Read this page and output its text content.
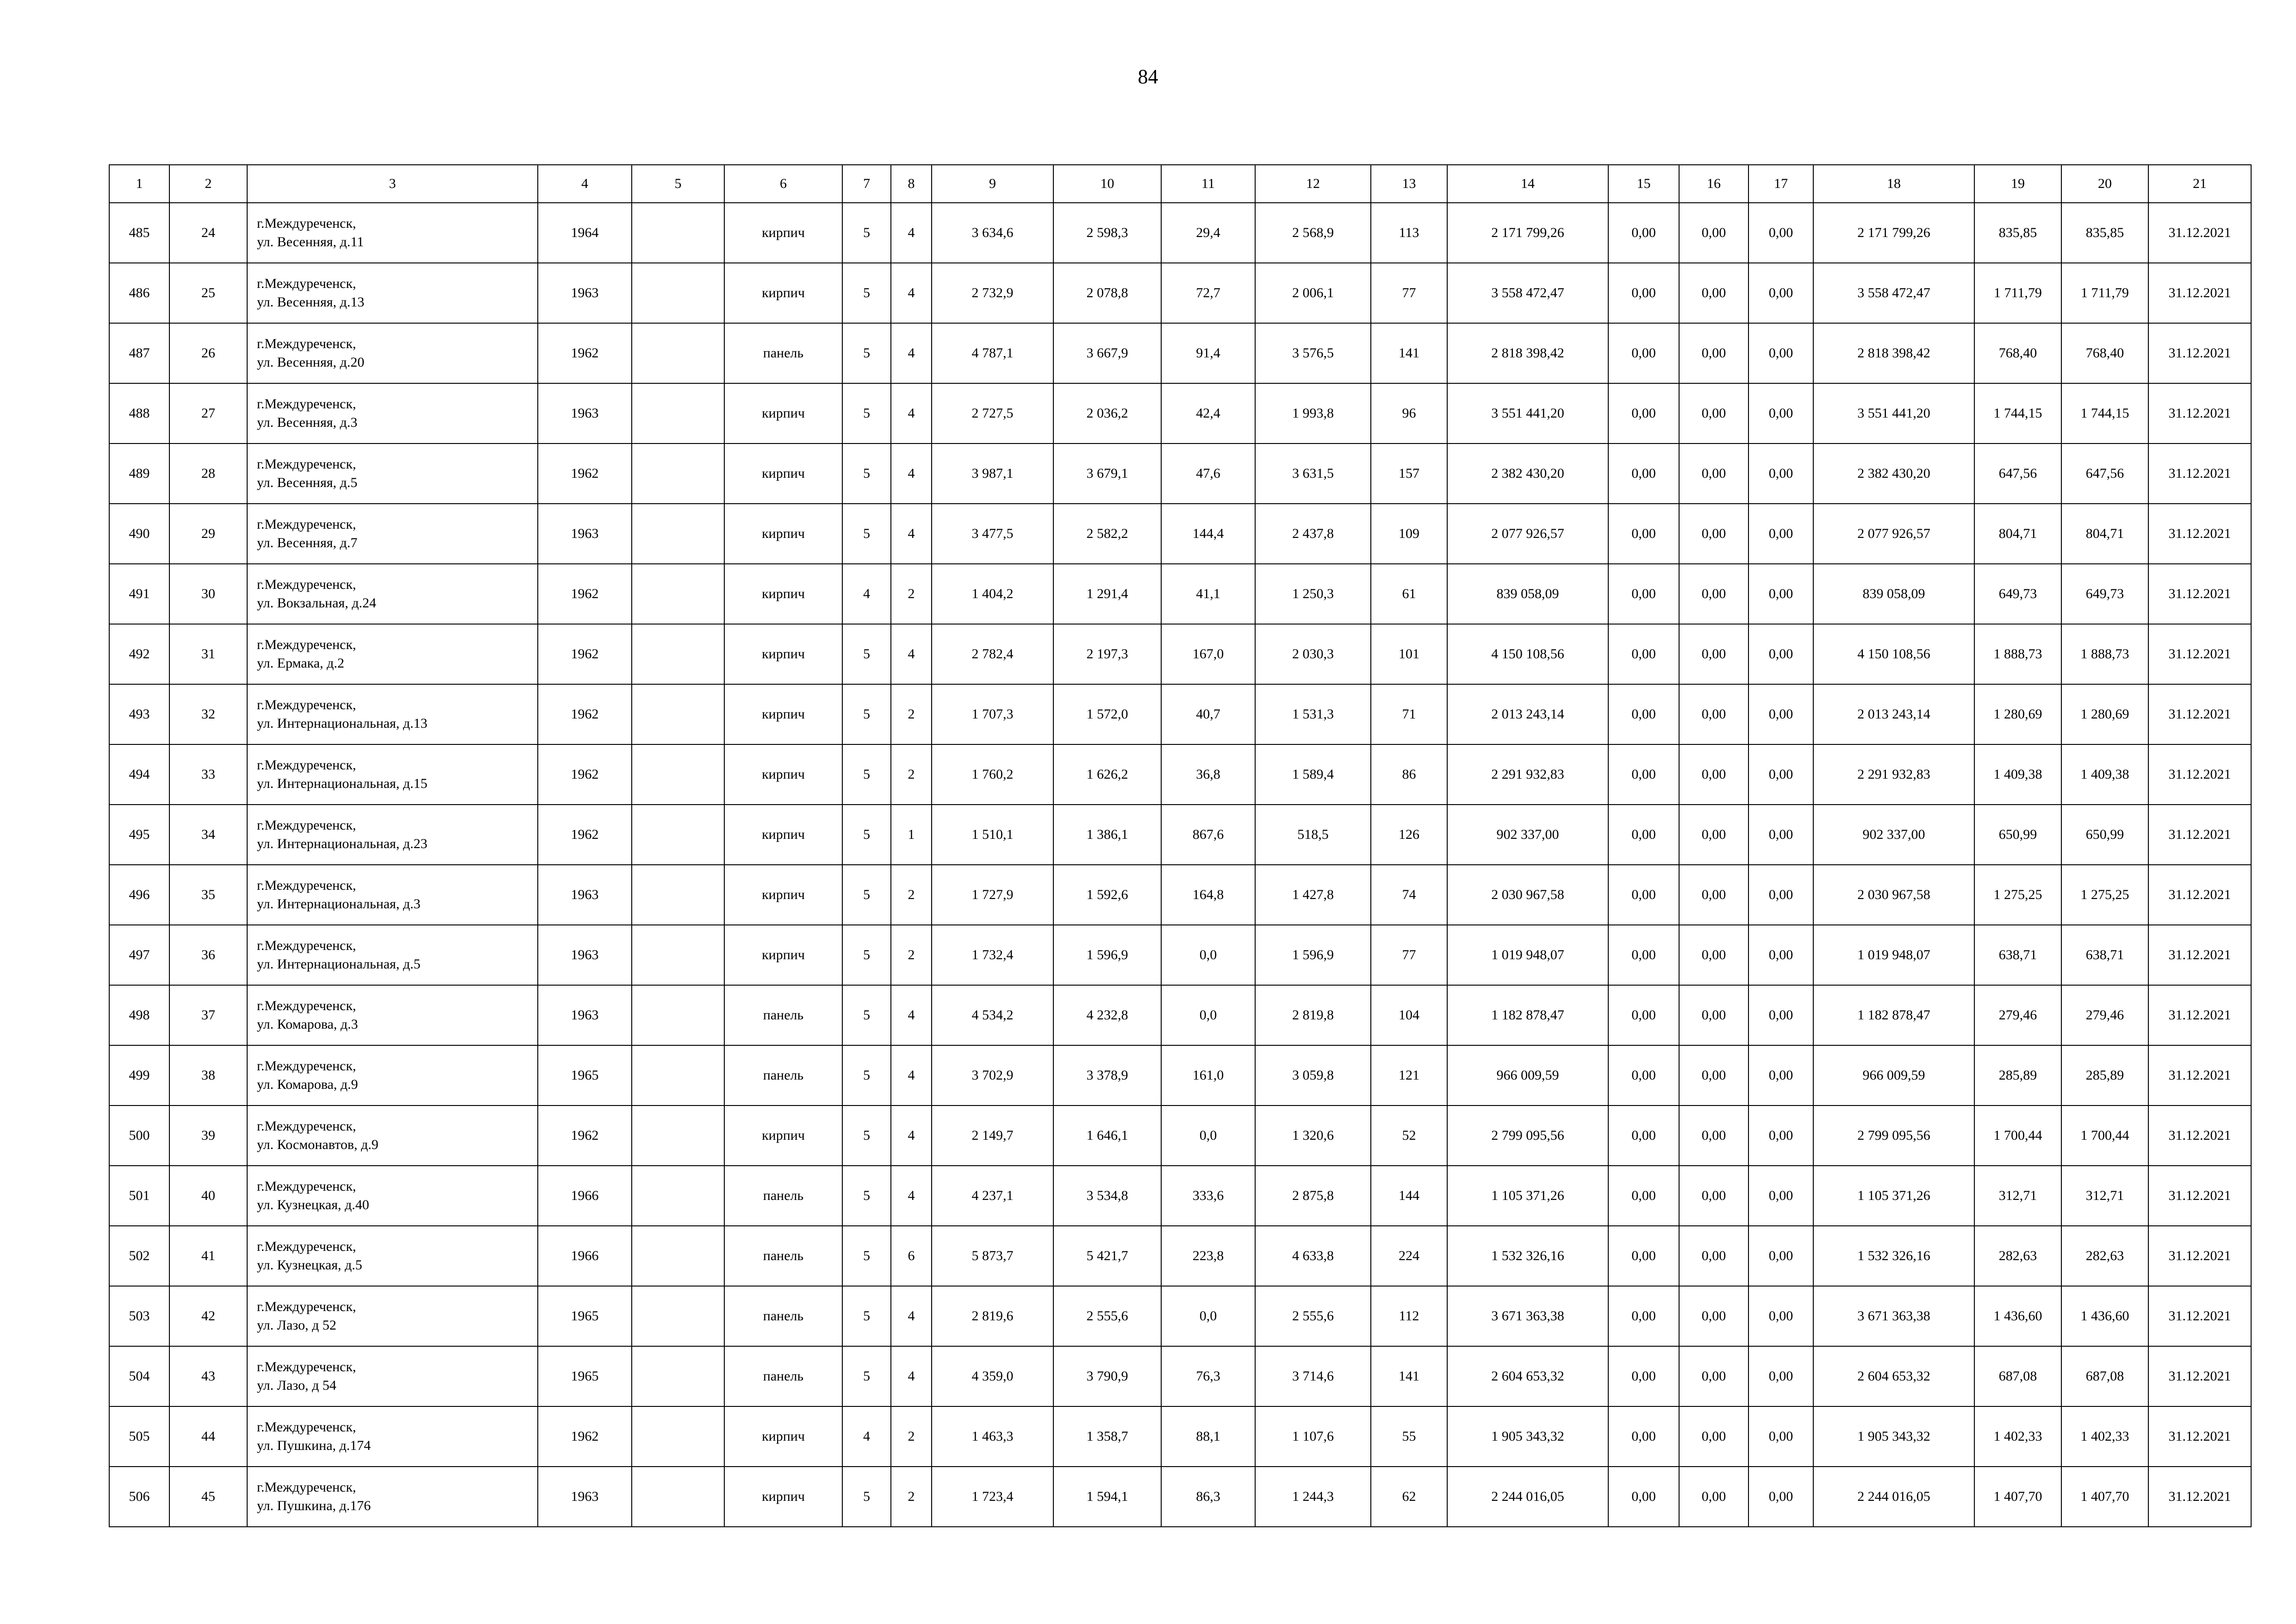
84
1	2	3	4	5	6	7	8	9	10	11	12	13	14	15	16	17	18	19	20	21
485	24	г.Междуреченск,
ул. Весенняя, д.11	1964		кирпич	5	4	3 634,6	2 598,3	29,4	2 568,9	113	2 171 799,26	0,00	0,00	0,00	2 171 799,26	835,85	835,85	31.12.2021
486	25	г.Междуреченск,
ул. Весенняя, д.13	1963		кирпич	5	4	2 732,9	2 078,8	72,7	2 006,1	77	3 558 472,47	0,00	0,00	0,00	3 558 472,47	1 711,79	1 711,79	31.12.2021
487	26	г.Междуреченск,
ул. Весенняя, д.20	1962		панель	5	4	4 787,1	3 667,9	91,4	3 576,5	141	2 818 398,42	0,00	0,00	0,00	2 818 398,42	768,40	768,40	31.12.2021
488	27	г.Междуреченск,
ул. Весенняя, д.3	1963		кирпич	5	4	2 727,5	2 036,2	42,4	1 993,8	96	3 551 441,20	0,00	0,00	0,00	3 551 441,20	1 744,15	1 744,15	31.12.2021
489	28	г.Междуреченск,
ул. Весенняя, д.5	1962		кирпич	5	4	3 987,1	3 679,1	47,6	3 631,5	157	2 382 430,20	0,00	0,00	0,00	2 382 430,20	647,56	647,56	31.12.2021
490	29	г.Междуреченск,
ул. Весенняя, д.7	1963		кирпич	5	4	3 477,5	2 582,2	144,4	2 437,8	109	2 077 926,57	0,00	0,00	0,00	2 077 926,57	804,71	804,71	31.12.2021
491	30	г.Междуреченск,
ул. Вокзальная, д.24	1962		кирпич	4	2	1 404,2	1 291,4	41,1	1 250,3	61	839 058,09	0,00	0,00	0,00	839 058,09	649,73	649,73	31.12.2021
492	31	г.Междуреченск,
ул. Ермака, д.2	1962		кирпич	5	4	2 782,4	2 197,3	167,0	2 030,3	101	4 150 108,56	0,00	0,00	0,00	4 150 108,56	1 888,73	1 888,73	31.12.2021
493	32	г.Междуреченск,
ул. Интернациональная, д.13	1962		кирпич	5	2	1 707,3	1 572,0	40,7	1 531,3	71	2 013 243,14	0,00	0,00	0,00	2 013 243,14	1 280,69	1 280,69	31.12.2021
494	33	г.Междуреченск,
ул. Интернациональная, д.15	1962		кирпич	5	2	1 760,2	1 626,2	36,8	1 589,4	86	2 291 932,83	0,00	0,00	0,00	2 291 932,83	1 409,38	1 409,38	31.12.2021
495	34	г.Междуреченск,
ул. Интернациональная, д.23	1962		кирпич	5	1	1 510,1	1 386,1	867,6	518,5	126	902 337,00	0,00	0,00	0,00	902 337,00	650,99	650,99	31.12.2021
496	35	г.Междуреченск,
ул. Интернациональная, д.3	1963		кирпич	5	2	1 727,9	1 592,6	164,8	1 427,8	74	2 030 967,58	0,00	0,00	0,00	2 030 967,58	1 275,25	1 275,25	31.12.2021
497	36	г.Междуреченск,
ул. Интернациональная, д.5	1963		кирпич	5	2	1 732,4	1 596,9	0,0	1 596,9	77	1 019 948,07	0,00	0,00	0,00	1 019 948,07	638,71	638,71	31.12.2021
498	37	г.Междуреченск,
ул. Комарова, д.3	1963		панель	5	4	4 534,2	4 232,8	0,0	2 819,8	104	1 182 878,47	0,00	0,00	0,00	1 182 878,47	279,46	279,46	31.12.2021
499	38	г.Междуреченск,
ул. Комарова, д.9	1965		панель	5	4	3 702,9	3 378,9	161,0	3 059,8	121	966 009,59	0,00	0,00	0,00	966 009,59	285,89	285,89	31.12.2021
500	39	г.Междуреченск,
ул. Космонавтов, д.9	1962		кирпич	5	4	2 149,7	1 646,1	0,0	1 320,6	52	2 799 095,56	0,00	0,00	0,00	2 799 095,56	1 700,44	1 700,44	31.12.2021
501	40	г.Междуреченск,
ул. Кузнецкая, д.40	1966		панель	5	4	4 237,1	3 534,8	333,6	2 875,8	144	1 105 371,26	0,00	0,00	0,00	1 105 371,26	312,71	312,71	31.12.2021
502	41	г.Междуреченск,
ул. Кузнецкая, д.5	1966		панель	5	6	5 873,7	5 421,7	223,8	4 633,8	224	1 532 326,16	0,00	0,00	0,00	1 532 326,16	282,63	282,63	31.12.2021
503	42	г.Междуреченск,
ул. Лазо, д 52	1965		панель	5	4	2 819,6	2 555,6	0,0	2 555,6	112	3 671 363,38	0,00	0,00	0,00	3 671 363,38	1 436,60	1 436,60	31.12.2021
504	43	г.Междуреченск,
ул. Лазо, д 54	1965		панель	5	4	4 359,0	3 790,9	76,3	3 714,6	141	2 604 653,32	0,00	0,00	0,00	2 604 653,32	687,08	687,08	31.12.2021
505	44	г.Междуреченск,
ул. Пушкина, д.174	1962		кирпич	4	2	1 463,3	1 358,7	88,1	1 107,6	55	1 905 343,32	0,00	0,00	0,00	1 905 343,32	1 402,33	1 402,33	31.12.2021
506	45	г.Междуреченск,
ул. Пушкина, д.176	1963		кирпич	5	2	1 723,4	1 594,1	86,3	1 244,3	62	2 244 016,05	0,00	0,00	0,00	2 244 016,05	1 407,70	1 407,70	31.12.2021
